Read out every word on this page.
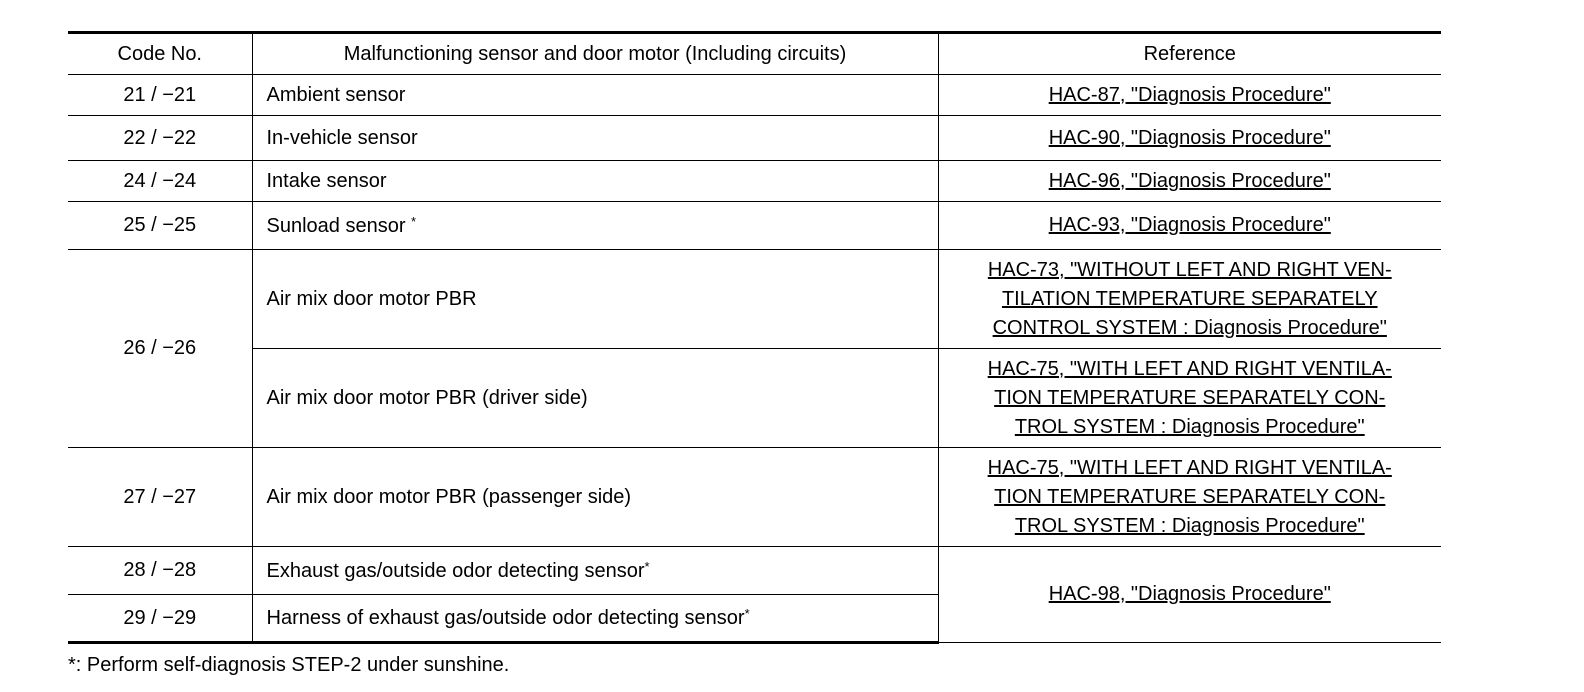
Code No.	Malfunctioning sensor and door motor (Including circuits)	Reference
21 / −21	Ambient sensor	HAC-87, "Diagnosis Procedure"
22 / −22	In-vehicle sensor	HAC-90, "Diagnosis Procedure"
24 / −24	Intake sensor	HAC-96, "Diagnosis Procedure"
25 / −25	Sunload sensor *	HAC-93, "Diagnosis Procedure"
26 / −26	Air mix door motor PBR	HAC-73, "WITHOUT LEFT AND RIGHT VEN-
TILATION TEMPERATURE SEPARATELY
CONTROL SYSTEM : Diagnosis Procedure"
	Air mix door motor PBR (driver side)	HAC-75, "WITH LEFT AND RIGHT VENTILA-
TION TEMPERATURE SEPARATELY CON-
TROL SYSTEM : Diagnosis Procedure"
27 / −27	Air mix door motor PBR (passenger side)	HAC-75, "WITH LEFT AND RIGHT VENTILA-
TION TEMPERATURE SEPARATELY CON-
TROL SYSTEM : Diagnosis Procedure"
28 / −28	Exhaust gas/outside odor detecting sensor*	HAC-98, "Diagnosis Procedure"
29 / −29	Harness of exhaust gas/outside odor detecting sensor*
*: Perform self-diagnosis STEP-2 under sunshine.
